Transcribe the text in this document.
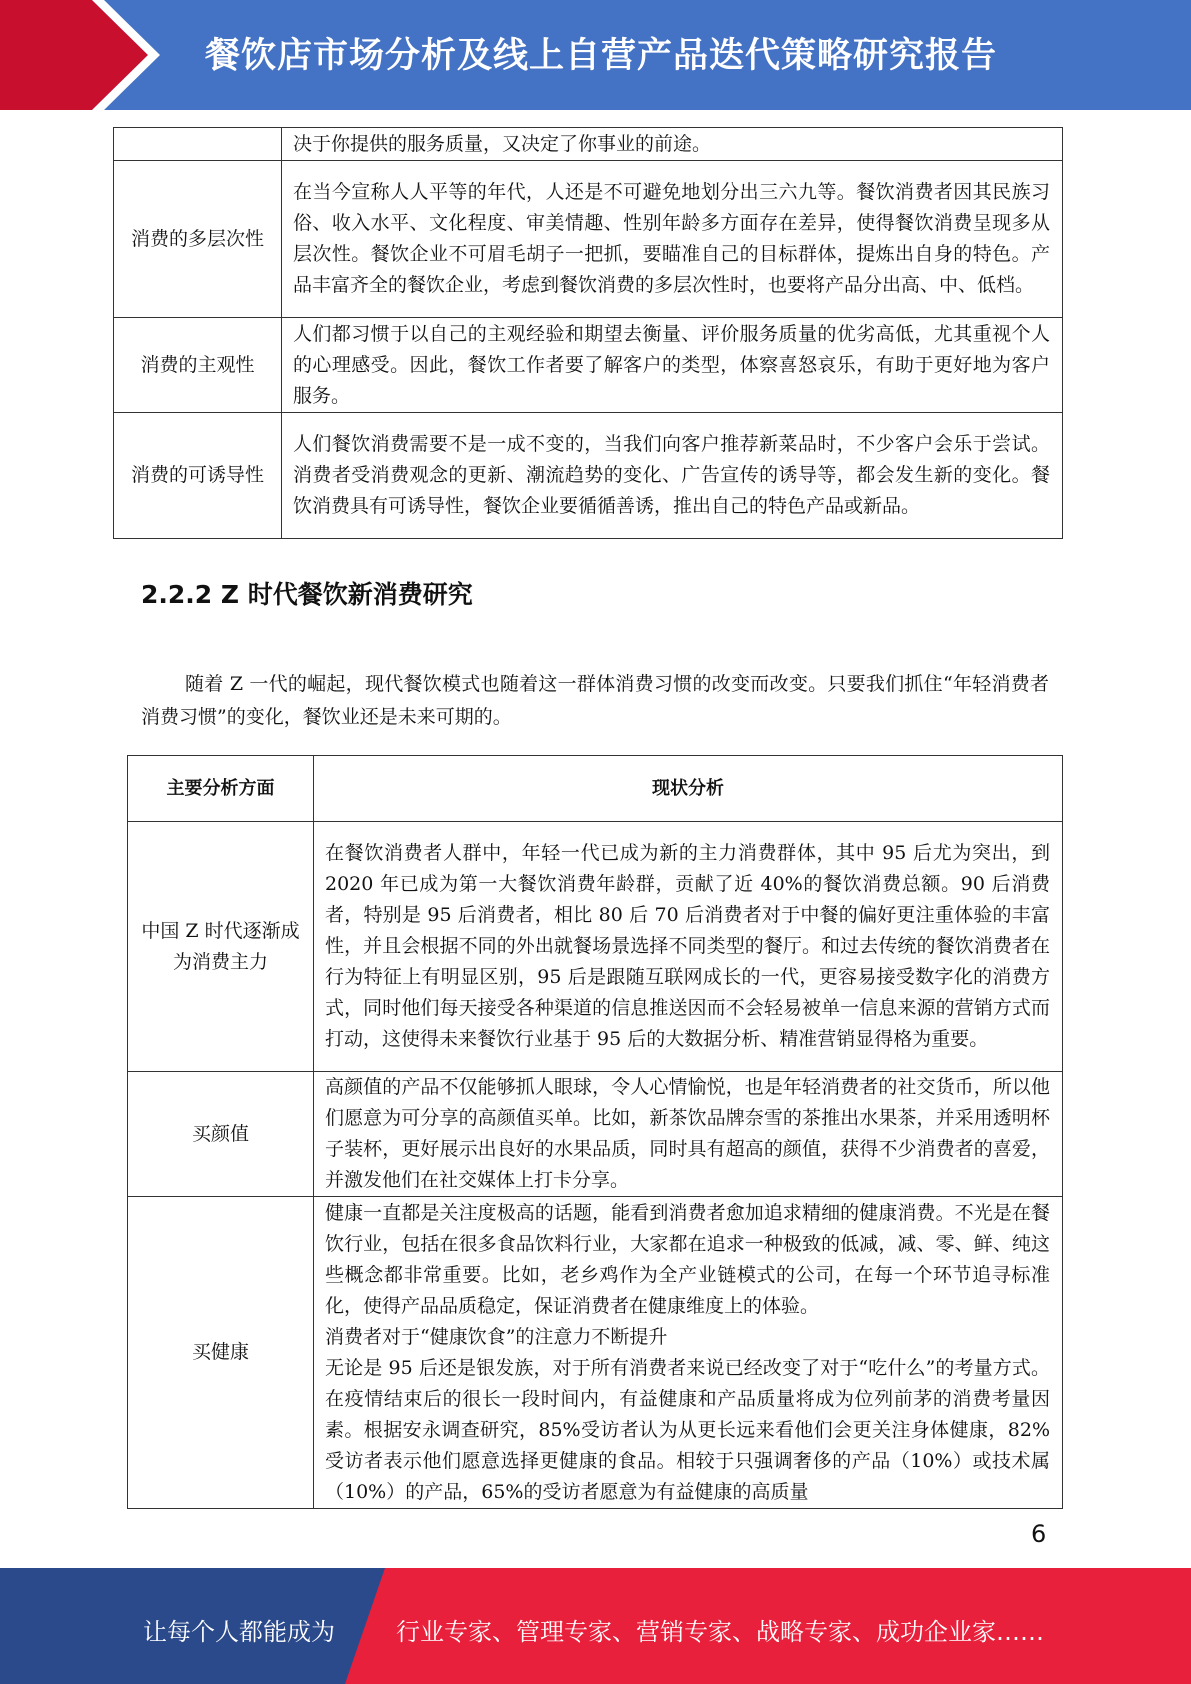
餐饮店市场分析及线上自营产品迭代策略研究报告
	决于你提供的服务质量，又决定了你事业的前途。
消费的多层次性	在当今宣称人人平等的年代，人还是不可避免地划分出三六九等。餐饮消费者因其民族习俗、收入水平、文化程度、审美情趣、性别年龄多方面存在差异，使得餐饮消费呈现多从层次性。餐饮企业不可眉毛胡子一把抓，要瞄准自己的目标群体，提炼出自身的特色。产品丰富齐全的餐饮企业，考虑到餐饮消费的多层次性时，也要将产品分出高、中、低档。
消费的主观性	人们都习惯于以自己的主观经验和期望去衡量、评价服务质量的优劣高低，尤其重视个人的心理感受。因此，餐饮工作者要了解客户的类型，体察喜怒哀乐，有助于更好地为客户服务。
消费的可诱导性	人们餐饮消费需要不是一成不变的，当我们向客户推荐新菜品时，不少客户会乐于尝试。消费者受消费观念的更新、潮流趋势的变化、广告宣传的诱导等，都会发生新的变化。餐饮消费具有可诱导性，餐饮企业要循循善诱，推出自己的特色产品或新品。
2.2.2 Z 时代餐饮新消费研究

随着 Z 一代的崛起，现代餐饮模式也随着这一群体消费习惯的改变而改变。只要我们抓住“年轻消费者消费习惯”的变化，餐饮业还是未来可期的。

主要分析方面	现状分析
中国 Z 时代逐渐成为消费主力	在餐饮消费者人群中，年轻一代已成为新的主力消费群体，其中 95 后尤为突出，到 2020 年已成为第一大餐饮消费年龄群，贡献了近 40%的餐饮消费总额。90 后消费者，特别是 95 后消费者，相比 80 后 70 后消费者对于中餐的偏好更注重体验的丰富性，并且会根据不同的外出就餐场景选择不同类型的餐厅。和过去传统的餐饮消费者在行为特征上有明显区别，95 后是跟随互联网成长的一代，更容易接受数字化的消费方式，同时他们每天接受各种渠道的信息推送因而不会轻易被单一信息来源的营销方式而打动，这使得未来餐饮行业基于 95 后的大数据分析、精准营销显得格为重要。

买颜值	高颜值的产品不仅能够抓人眼球，令人心情愉悦，也是年轻消费者的社交货币，所以他们愿意为可分享的高颜值买单。比如，新茶饮品牌奈雪的茶推出水果茶，并采用透明杯子装杯，更好展示出良好的水果品质，同时具有超高的颜值，获得不少消费者的喜爱，并激发他们在社交媒体上打卡分享。

买健康	健康一直都是关注度极高的话题，能看到消费者愈加追求精细的健康消费。不光是在餐饮行业，包括在很多食品饮料行业，大家都在追求一种极致的低减，减、零、鲜、纯这些概念都非常重要。比如，老乡鸡作为全产业链模式的公司，在每一个环节追寻标准化，使得产品品质稳定，保证消费者在健康维度上的体验。

消费者对于“健康饮食”的注意力不断提升

无论是 95 后还是银发族，对于所有消费者来说已经改变了对于“吃什么”的考量方式。在疫情结束后的很长一段时间内，有益健康和产品质量将成为位列前茅的消费考量因素。根据安永调查研究，85%受访者认为从更长远来看他们会更关注身体健康，82%受访者表示他们愿意选择更健康的食品。相较于只强调奢侈的产品（10%）或技术属（10%）的产品，65%的受访者愿意为有益健康的高质量

6
让每个人都能成为	行业专家、管理专家、营销专家、战略专家、成功企业家……
